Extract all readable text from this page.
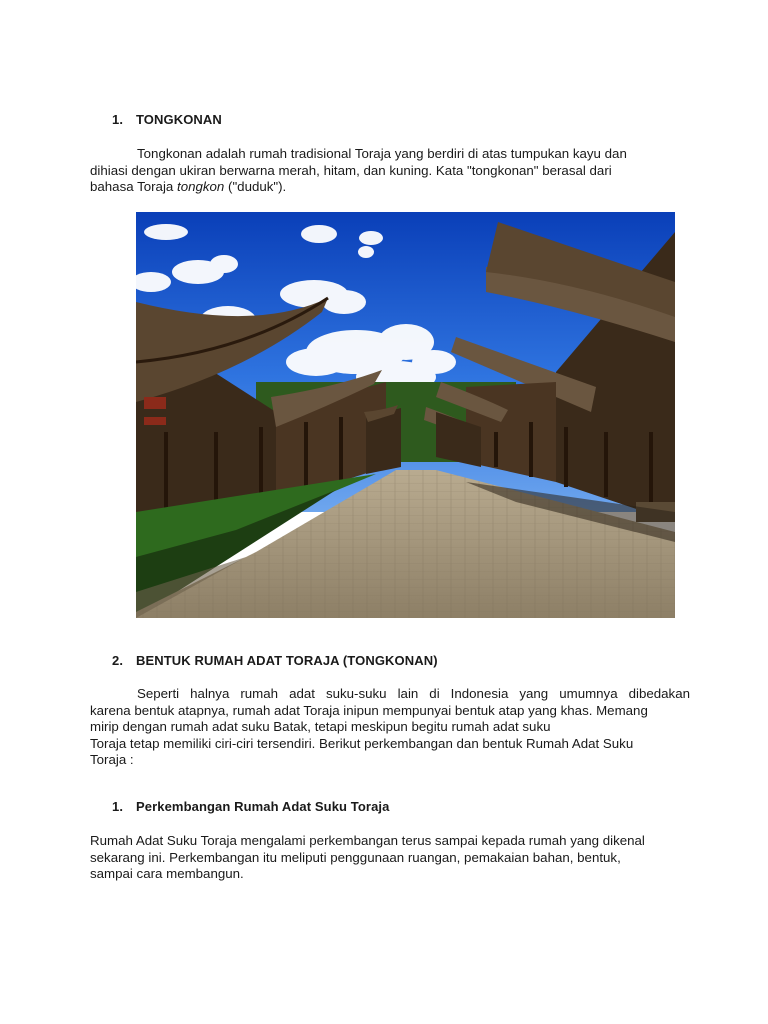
1. TONGKONAN
Tongkonan adalah rumah tradisional Toraja yang berdiri di atas tumpukan kayu dan
dihiasi dengan ukiran berwarna merah, hitam, dan kuning. Kata "tongkonan" berasal dari
bahasa Toraja tongkon ("duduk").
2. BENTUK RUMAH ADAT TORAJA (TONGKONAN)
Seperti halnya rumah adat suku-suku lain di Indonesia yang umumnya dibedakan
karena bentuk atapnya, rumah adat Toraja inipun mempunyai bentuk atap yang khas. Memang
mirip dengan rumah adat suku Batak, tetapi meskipun begitu rumah adat suku
Toraja tetap memiliki ciri-ciri tersendiri. Berikut perkembangan dan bentuk Rumah Adat Suku
Toraja :
1. Perkembangan Rumah Adat Suku Toraja
Rumah Adat Suku Toraja mengalami perkembangan terus sampai kepada rumah yang dikenal
sekarang ini. Perkembangan itu meliputi penggunaan ruangan, pemakaian bahan, bentuk,
sampai cara membangun.
